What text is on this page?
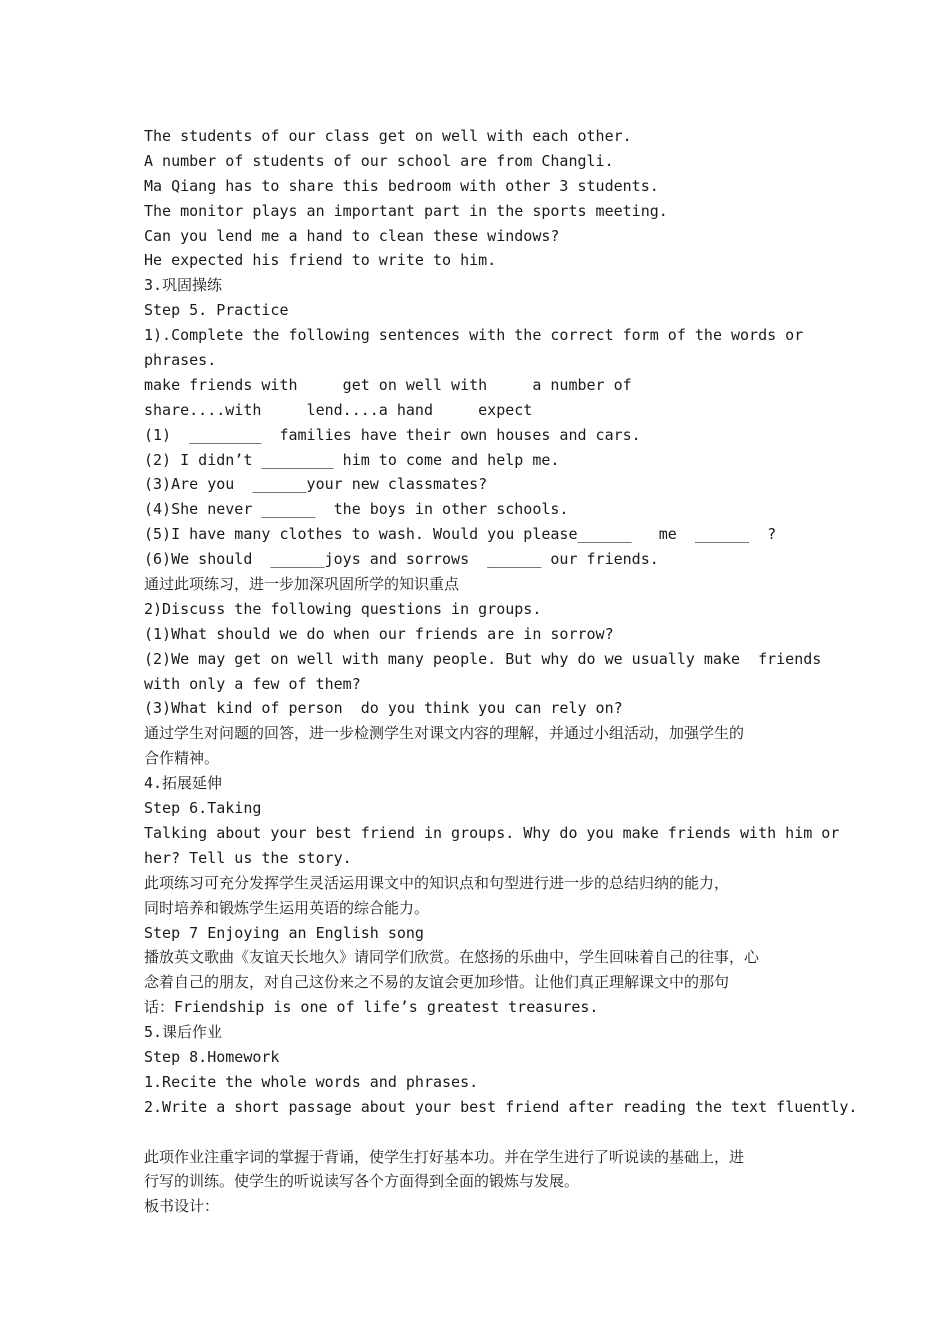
The students of our class get on well with each other.
A number of students of our school are from Changli.
Ma Qiang has to share this bedroom with other 3 students.
The monitor plays an important part in the sports meeting.
Can you lend me a hand to clean these windows?
He expected his friend to write to him.
3.巩固操练
Step 5. Practice
1).Complete the following sentences with the correct form of the words or
phrases.
make friends with     get on well with     a number of
share....with     lend....a hand     expect
(1)  ________  families have their own houses and cars.
(2) I didn’t ________ him to come and help me.
(3)Are you  ______your new classmates?
(4)She never ______  the boys in other schools.
(5)I have many clothes to wash. Would you please______   me  ______  ?
(6)We should  ______joys and sorrows  ______ our friends.
通过此项练习，进一步加深巩固所学的知识重点
2)Discuss the following questions in groups.
(1)What should we do when our friends are in sorrow?
(2)We may get on well with many people. But why do we usually make  friends
with only a few of them?
(3)What kind of person  do you think you can rely on?
通过学生对问题的回答，进一步检测学生对课文内容的理解，并通过小组活动，加强学生的
合作精神。
4.拓展延伸
Step 6.Taking
Talking about your best friend in groups. Why do you make friends with him or
her? Tell us the story.
此项练习可充分发挥学生灵活运用课文中的知识点和句型进行进一步的总结归纳的能力，
同时培养和锻炼学生运用英语的综合能力。
Step 7 Enjoying an English song
播放英文歌曲《友谊天长地久》请同学们欣赏。在悠扬的乐曲中，学生回味着自己的往事，心
念着自己的朋友，对自己这份来之不易的友谊会更加珍惜。让他们真正理解课文中的那句
话：Friendship is one of life’s greatest treasures.
5.课后作业
Step 8.Homework
1.Recite the whole words and phrases.
2.Write a short passage about your best friend after reading the text fluently.
此项作业注重字词的掌握于背诵，使学生打好基本功。并在学生进行了听说读的基础上，进
行写的训练。使学生的听说读写各个方面得到全面的锻炼与发展。
板书设计：
